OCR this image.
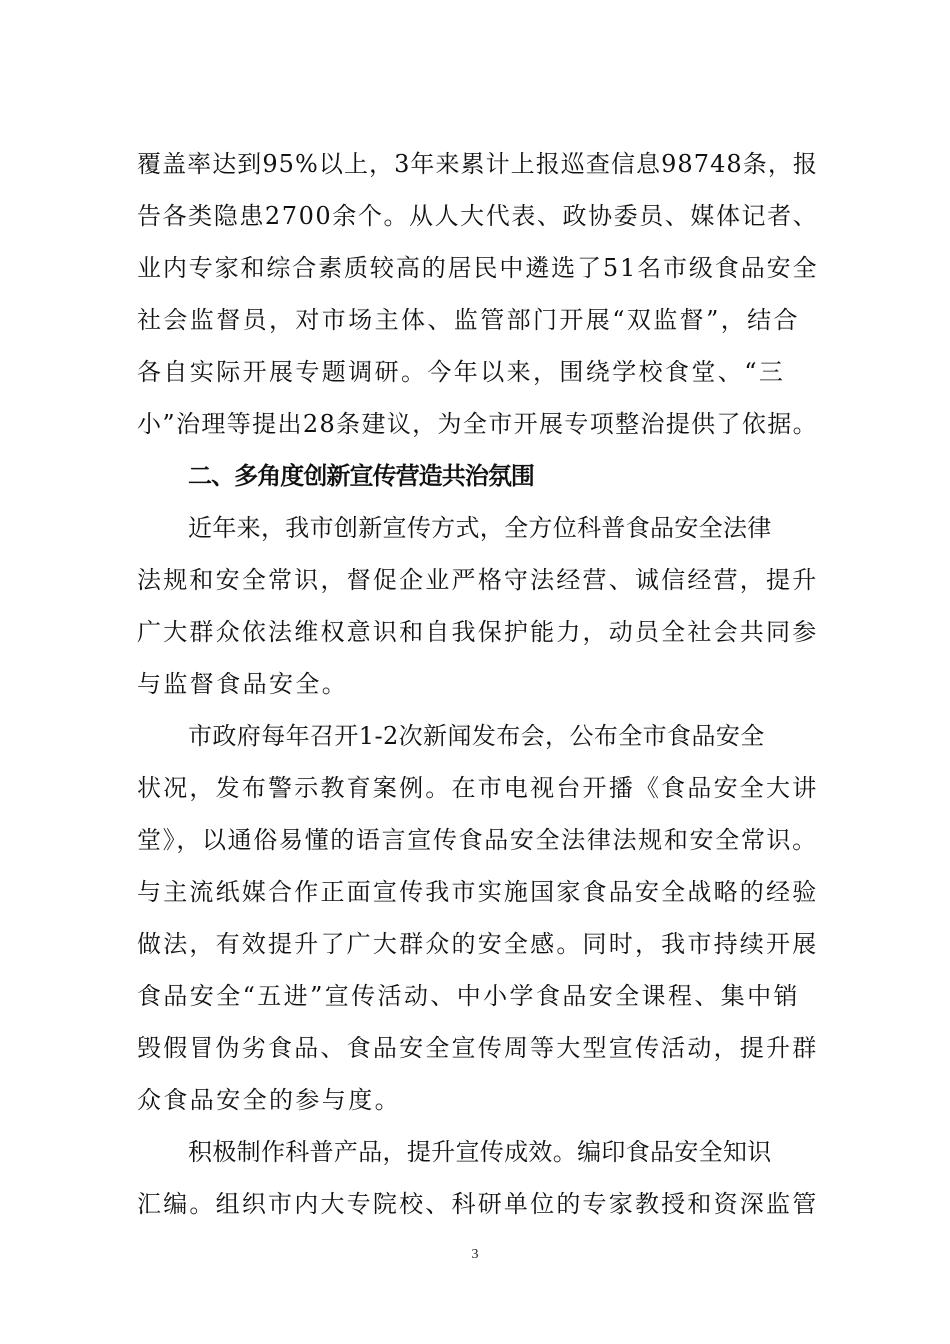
覆盖率达到95%以上，3年来累计上报巡查信息98748条，报
告各类隐患2700余个。从人大代表、政协委员、媒体记者、
业内专家和综合素质较高的居民中遴选了51名市级食品安全
社会监督员，对市场主体、监管部门开展“双监督”，结合
各自实际开展专题调研。今年以来，围绕学校食堂、“三
小”治理等提出28条建议，为全市开展专项整治提供了依据。
二、多角度创新宣传营造共治氛围
近年来，我市创新宣传方式，全方位科普食品安全法律
法规和安全常识，督促企业严格守法经营、诚信经营，提升
广大群众依法维权意识和自我保护能力，动员全社会共同参
与监督食品安全。
市政府每年召开1-2次新闻发布会，公布全市食品安全
状况，发布警示教育案例。在市电视台开播《食品安全大讲
堂》，以通俗易懂的语言宣传食品安全法律法规和安全常识。
与主流纸媒合作正面宣传我市实施国家食品安全战略的经验
做法，有效提升了广大群众的安全感。同时，我市持续开展
食品安全“五进”宣传活动、中小学食品安全课程、集中销
毁假冒伪劣食品、食品安全宣传周等大型宣传活动，提升群
众食品安全的参与度。
积极制作科普产品，提升宣传成效。编印食品安全知识
汇编。组织市内大专院校、科研单位的专家教授和资深监管
3
